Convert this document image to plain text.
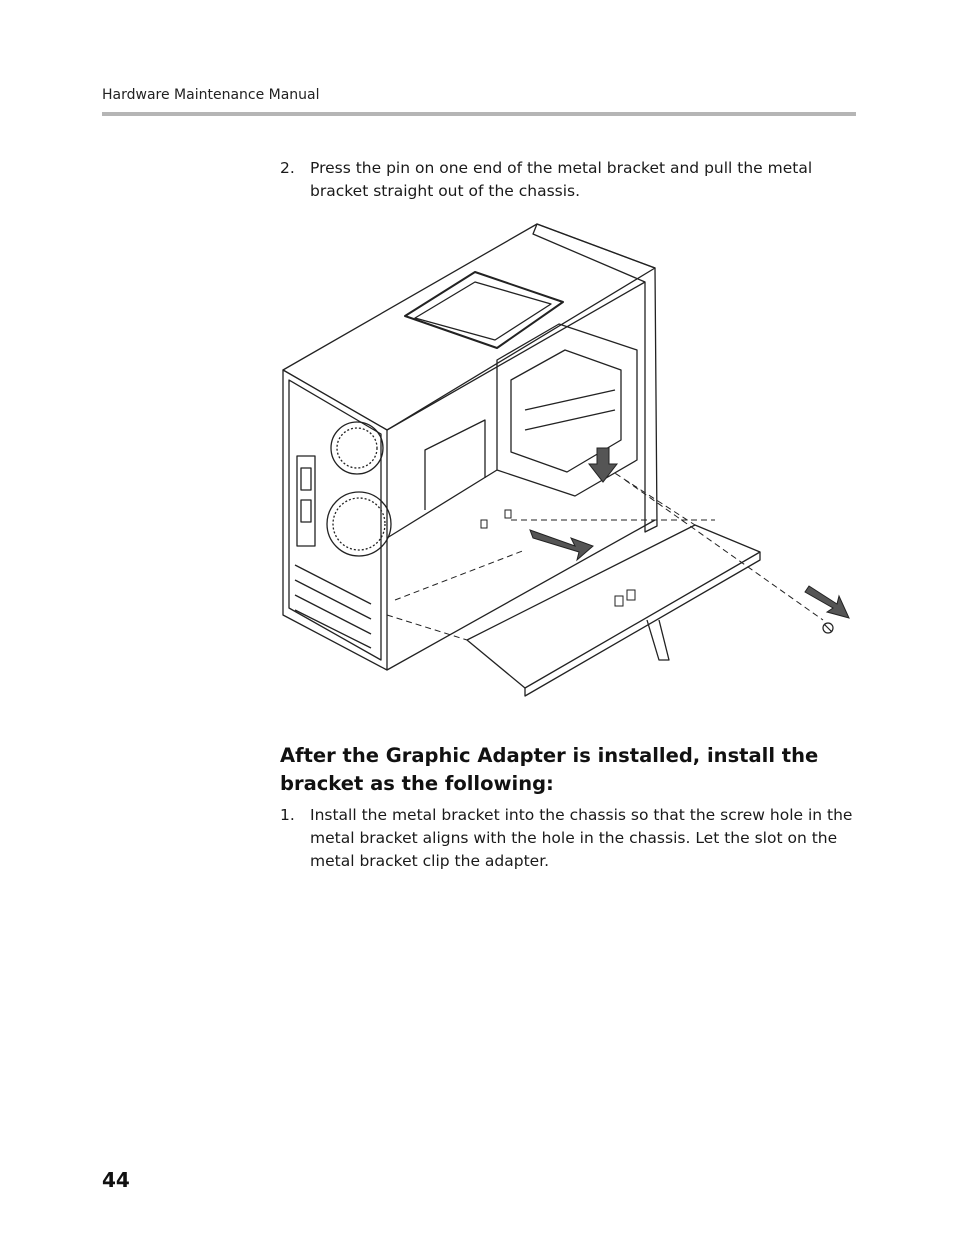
Hardware Maintenance Manual
2. Press the pin on one end of the metal bracket and pull the metal bracket straight out of the chassis.
After the Graphic Adapter is installed, install the bracket as the following:
1. Install the metal bracket into the chassis so that the screw hole in the metal bracket aligns with the hole in the chassis. Let the slot on the metal bracket clip the adapter.
44
